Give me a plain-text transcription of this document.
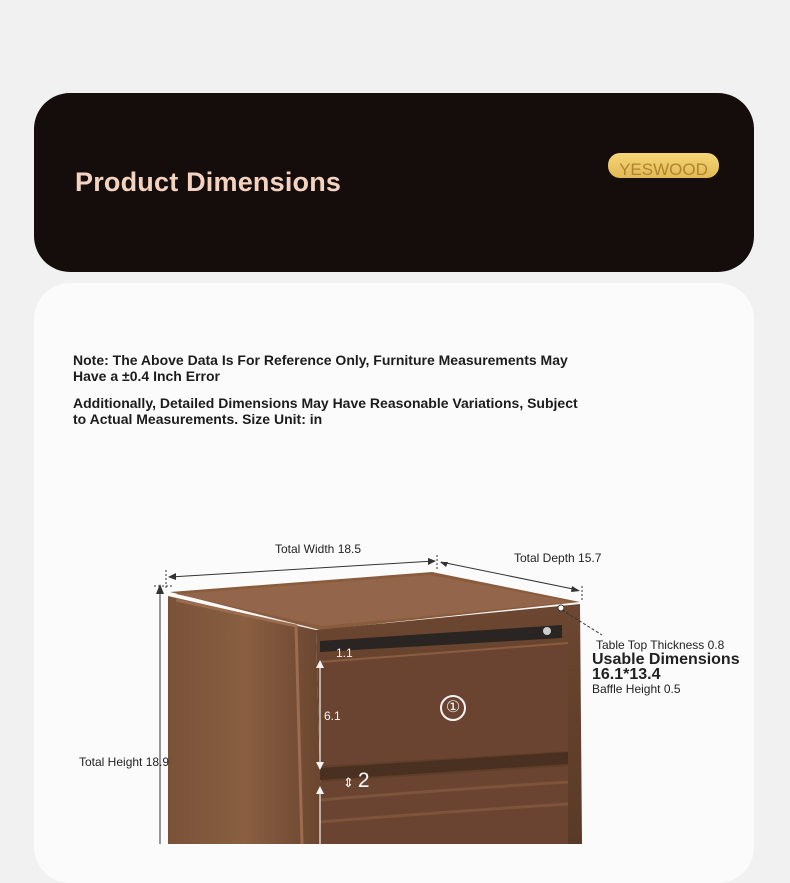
Product Dimensions	YESWOOD
Note: The Above Data Is For Reference Only, Furniture Measurements May Have a ±0.4 Inch Error
Additionally, Detailed Dimensions May Have Reasonable Variations, Subject to Actual Measurements. Size Unit: in
Total Width 18.5
Total Depth 15.7
Total Height 18.9
Table Top Thickness 0.8
Usable Dimensions
16.1*13.4
Baffle Height 0.5
1.1
6.1	①
⇕ 2
